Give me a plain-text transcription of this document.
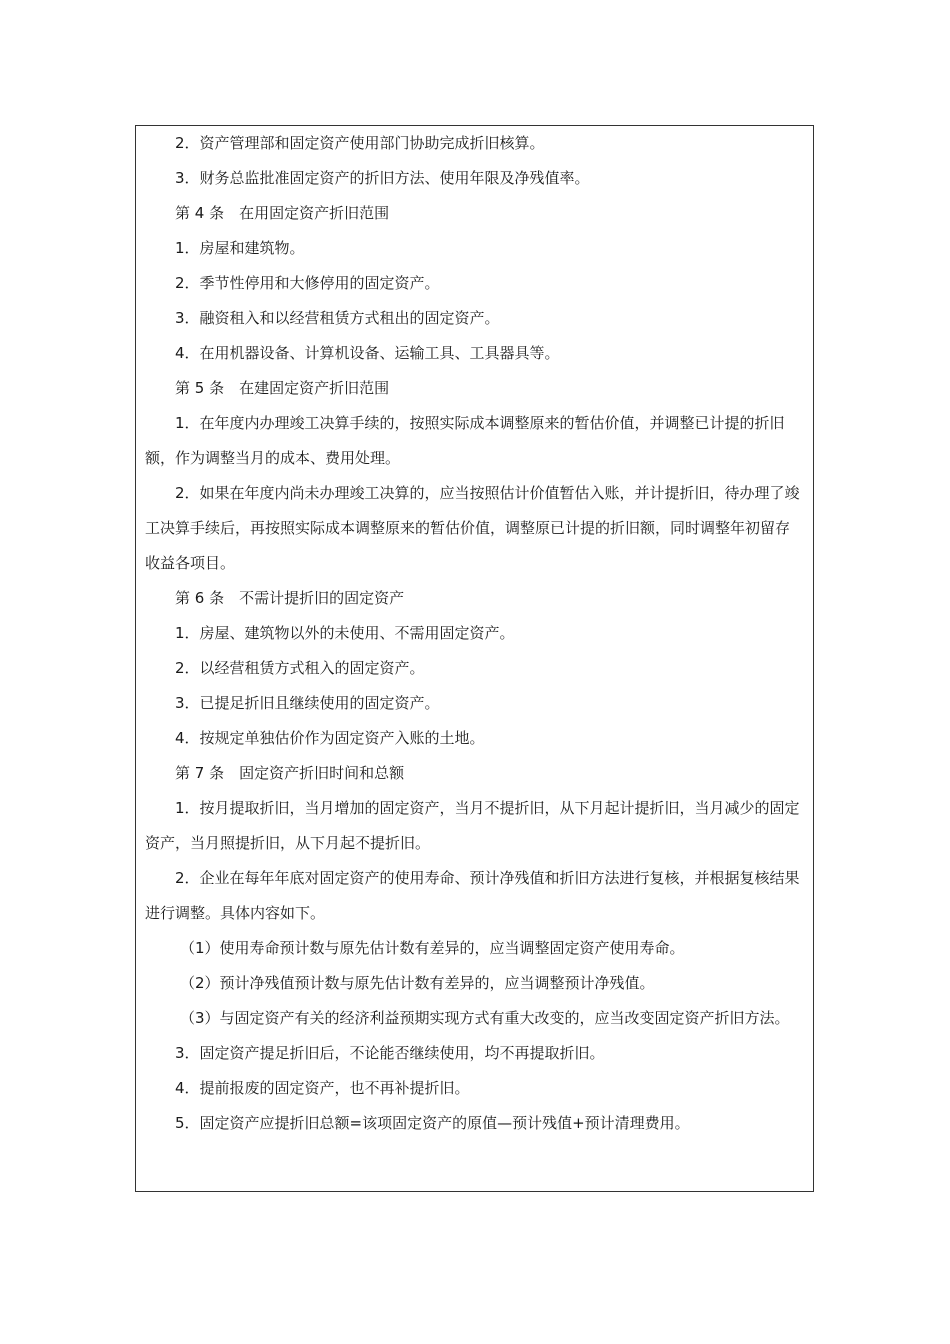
2．资产管理部和固定资产使用部门协助完成折旧核算。

3．财务总监批准固定资产的折旧方法、使用年限及净残值率。

第 4 条　在用固定资产折旧范围

1．房屋和建筑物。

2．季节性停用和大修停用的固定资产。

3．融资租入和以经营租赁方式租出的固定资产。

4．在用机器设备、计算机设备、运输工具、工具器具等。

第 5 条　在建固定资产折旧范围

1．在年度内办理竣工决算手续的，按照实际成本调整原来的暂估价值，并调整已计提的折旧额，作为调整当月的成本、费用处理。

2．如果在年度内尚未办理竣工决算的，应当按照估计价值暂估入账，并计提折旧，待办理了竣工决算手续后，再按照实际成本调整原来的暂估价值，调整原已计提的折旧额，同时调整年初留存收益各项目。

第 6 条　不需计提折旧的固定资产

1．房屋、建筑物以外的未使用、不需用固定资产。

2．以经营租赁方式租入的固定资产。

3．已提足折旧且继续使用的固定资产。

4．按规定单独估价作为固定资产入账的土地。

第 7 条　固定资产折旧时间和总额

1．按月提取折旧，当月增加的固定资产，当月不提折旧，从下月起计提折旧，当月减少的固定资产，当月照提折旧，从下月起不提折旧。

2．企业在每年年底对固定资产的使用寿命、预计净残值和折旧方法进行复核，并根据复核结果进行调整。具体内容如下。

（1）使用寿命预计数与原先估计数有差异的，应当调整固定资产使用寿命。

（2）预计净残值预计数与原先估计数有差异的，应当调整预计净残值。

（3）与固定资产有关的经济利益预期实现方式有重大改变的，应当改变固定资产折旧方法。

3．固定资产提足折旧后，不论能否继续使用，均不再提取折旧。

4．提前报废的固定资产，也不再补提折旧。

5．固定资产应提折旧总额=该项固定资产的原值—预计残值+预计清理费用。
